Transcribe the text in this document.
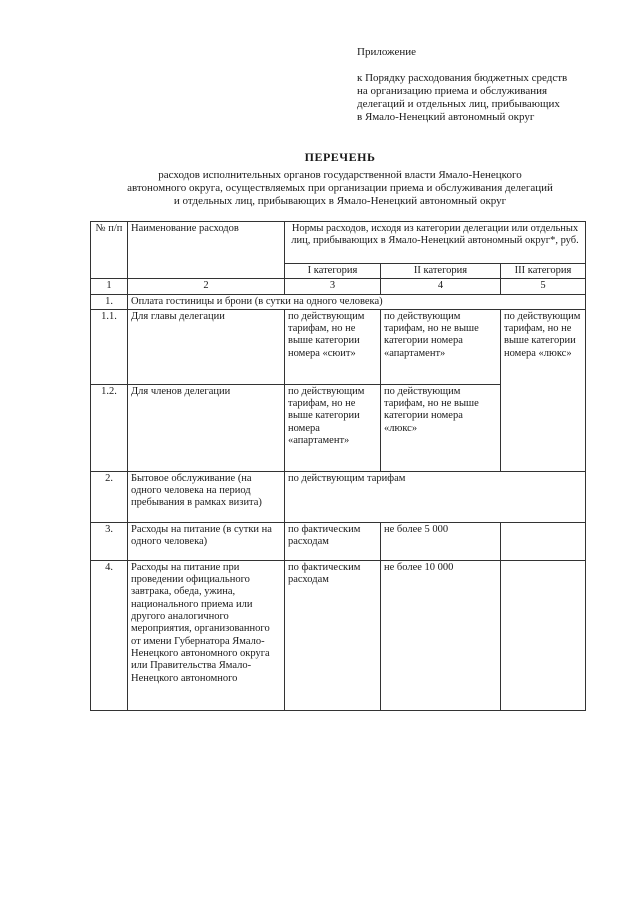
Приложение
к Порядку расходования бюджетных средств
на организацию приема и обслуживания
делегаций и отдельных лиц, прибывающих
в Ямало-Ненецкий автономный округ
ПЕРЕЧЕНЬ
расходов исполнительных органов государственной власти Ямало-Ненецкого
автономного округа, осуществляемых при организации приема и обслуживания делегаций
и отдельных лиц, прибывающих в Ямало-Ненецкий автономный округ
№ п/п	Наименование расходов	Нормы расходов, исходя из категории делегации или отдельных лиц, прибывающих в Ямало-Ненецкий автономный округ*, руб.		
		I категория	II категория	III категория
1	2	3	4	5
1.	Оплата гостиницы и брони (в сутки на одного человека)			
1.1.	Для главы делегации	по действующим тарифам, но не выше категории номера «сюит»	по действующим тарифам, но не выше категории номера «апартамент»	по действующим тарифам, но не выше категории номера «люкс»
1.2.	Для членов делегации	по действующим тарифам, но не выше категории номера «апартамент»	по действующим тарифам, но не выше категории номера «люкс»	
2.	Бытовое обслуживание (на одного человека на период пребывания в рамках визита)	по действующим тарифам		
3.	Расходы на питание (в сутки на одного человека)	по фактическим расходам	не более 5 000	
4.	Расходы на питание при проведении официального завтрака, обеда, ужина, национального приема или другого аналогичного мероприятия, организованного от имени Губернатора Ямало-Ненецкого автономного округа или Правительства Ямало-Ненецкого автономного	по фактическим расходам	не более 10 000	
